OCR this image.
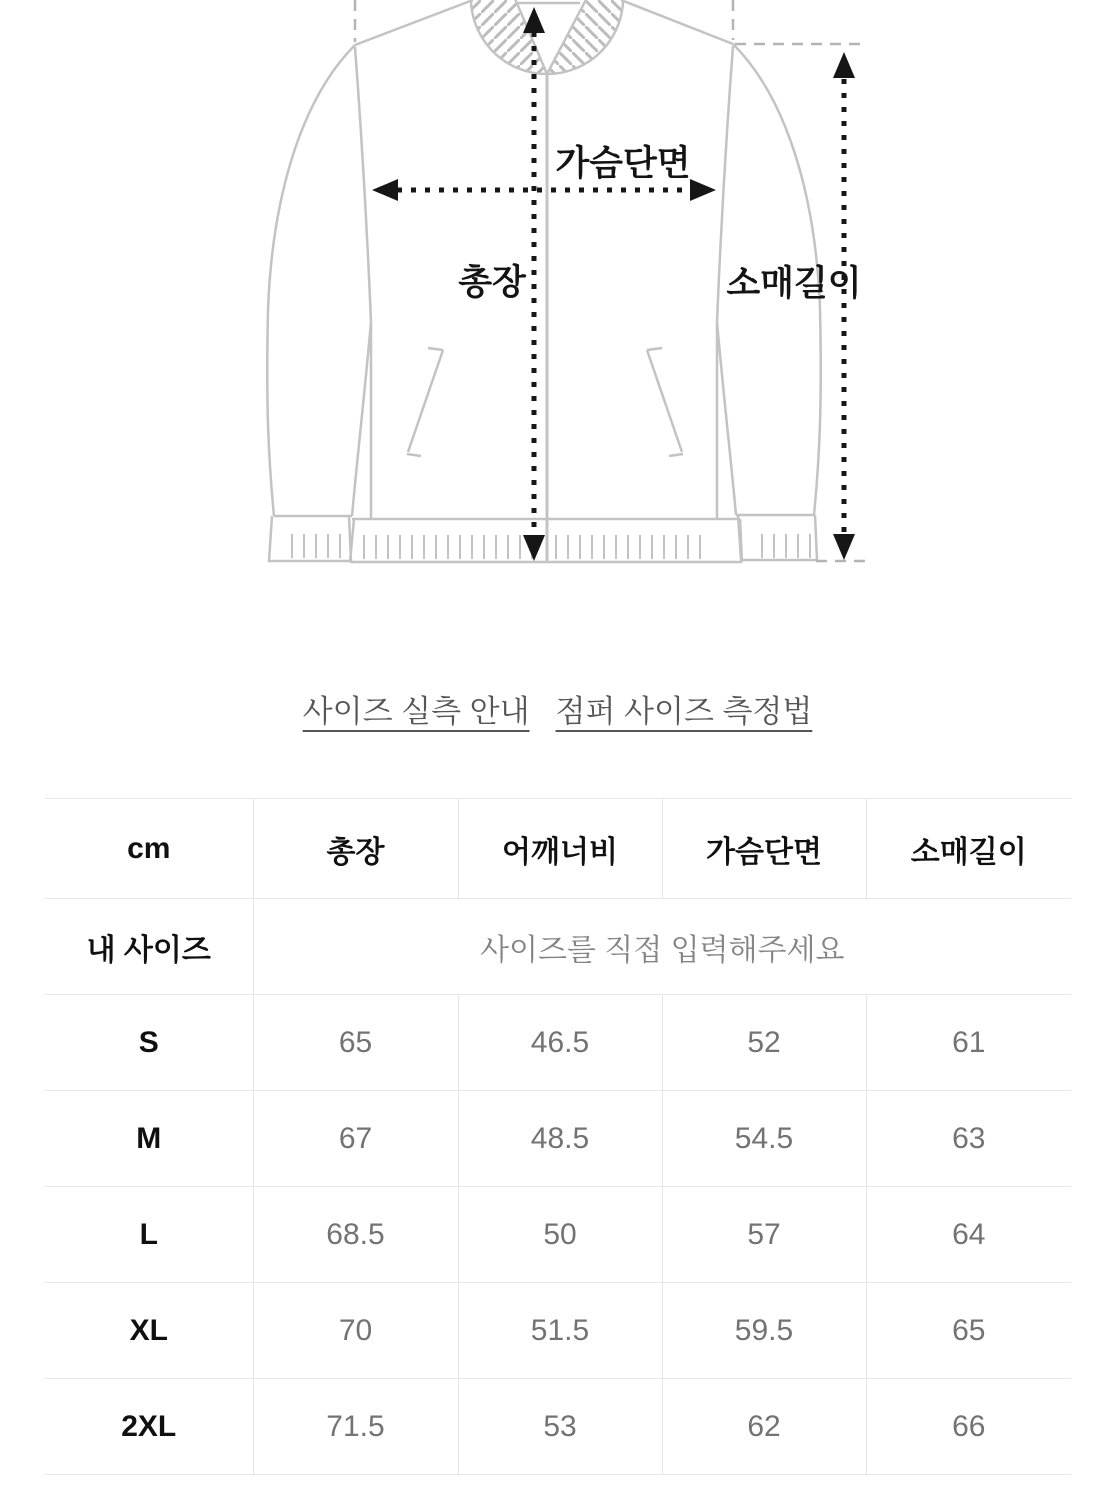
가슴단면
총장	소매길이
사이즈 실측 안내 점퍼 사이즈 측정법
cm	총장	어깨너비	가슴단면	소매길이
내 사이즈	사이즈를 직접 입력해주세요			
S	65	46.5	52	61
M	67	48.5	54.5	63
L	68.5	50	57	64
XL	70	51.5	59.5	65
2XL	71.5	53	62	66
